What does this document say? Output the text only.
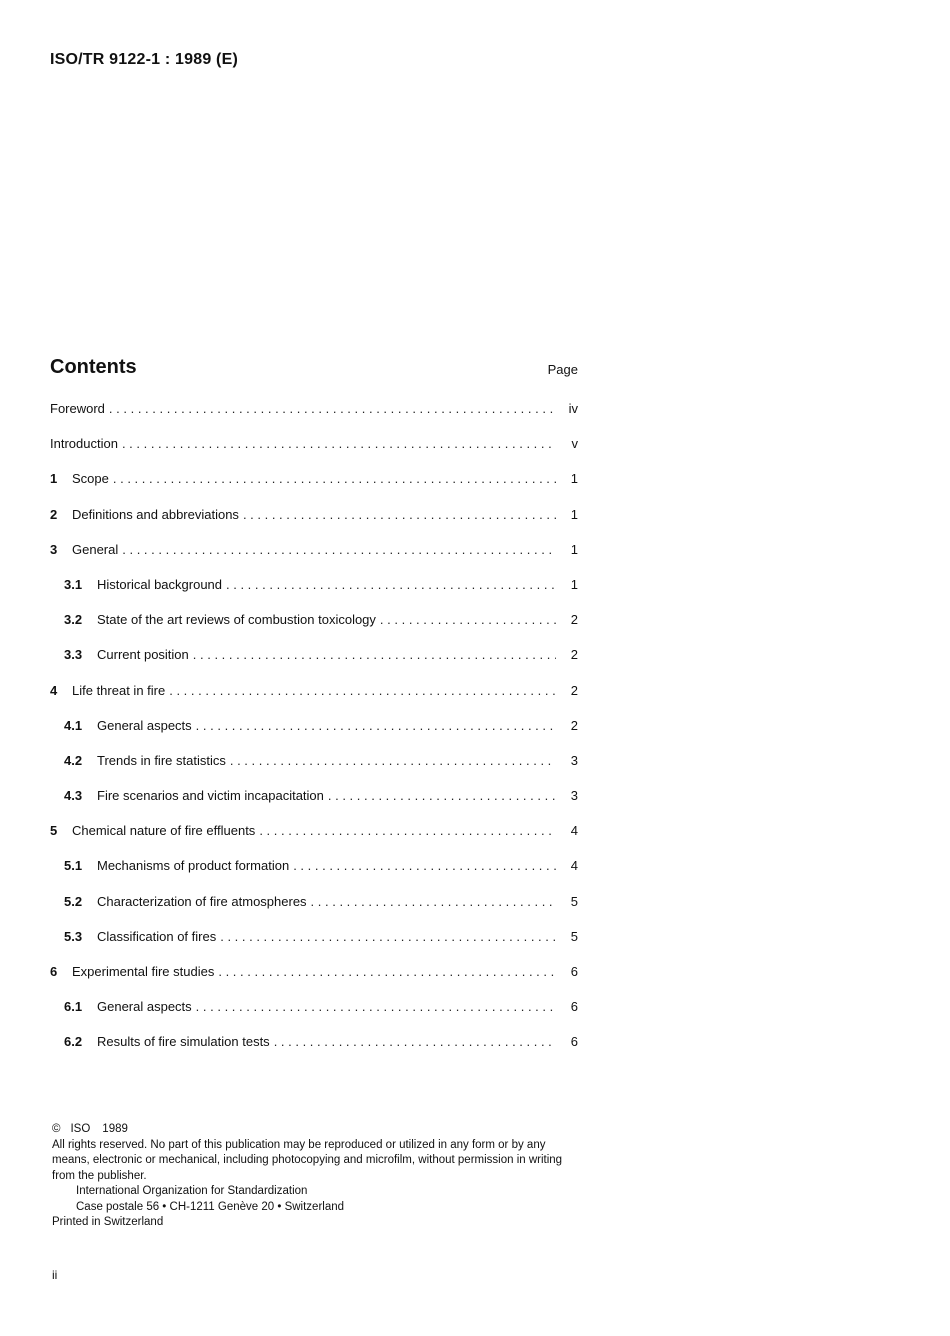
ISO/TR 9122-1 : 1989 (E)
Contents	Page
Foreword . . .	iv
Introduction . . .	v
1	Scope . . .	1
2	Definitions and abbreviations . . .	1
3	General . . .	1
3.1	Historical background . . .	1
3.2	State of the art reviews of combustion toxicology . . .	2
3.3	Current position . . .	2
4	Life threat in fire . . .	2
4.1	General aspects . . .	2
4.2	Trends in fire statistics . . .	3
4.3	Fire scenarios and victim incapacitation . . .	3
5	Chemical nature of fire effluents . . .	4
5.1	Mechanisms of product formation . . .	4
5.2	Characterization of fire atmospheres . . .	5
5.3	Classification of fires . . .	5
6	Experimental fire studies . . .	6
6.1	General aspects . . .	6
6.2	Results of fire simulation tests . . .	6
© ISO 1989
All rights reserved. No part of this publication may be reproduced or utilized in any form or by any means, electronic or mechanical, including photocopying and microfilm, without permission in writing from the publisher.
International Organization for Standardization
Case postale 56 • CH-1211 Genève 20 • Switzerland
Printed in Switzerland
ii
